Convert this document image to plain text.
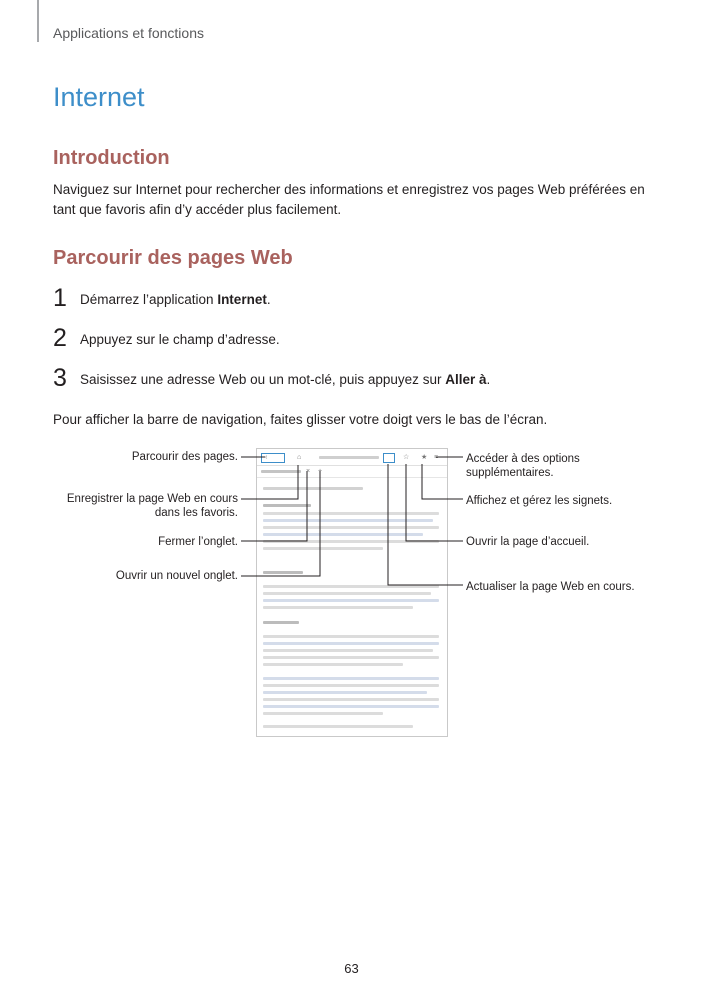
Applications et fonctions
Internet
Introduction
Naviguez sur Internet pour rechercher des informations et enregistrez vos pages Web préférées en tant que favoris afin d’y accéder plus facilement.
Parcourir des pages Web
1 Démarrez l’application Internet.
2 Appuyez sur le champ d’adresse.
3 Saisissez une adresse Web ou un mot-clé, puis appuyez sur Aller à.
Pour afficher la barre de navigation, faites glisser votre doigt vers le bas de l’écran.
Parcourir des pages.
Enregistrer la page Web en cours
dans les favoris.
Fermer l’onglet.
Ouvrir un nouvel onglet.
Accéder à des options
supplémentaires.
Affichez et gérez les signets.
Ouvrir la page d’accueil.
Actualiser la page Web en cours.
‹	⌂	☆ ★ ≡
× +
63
